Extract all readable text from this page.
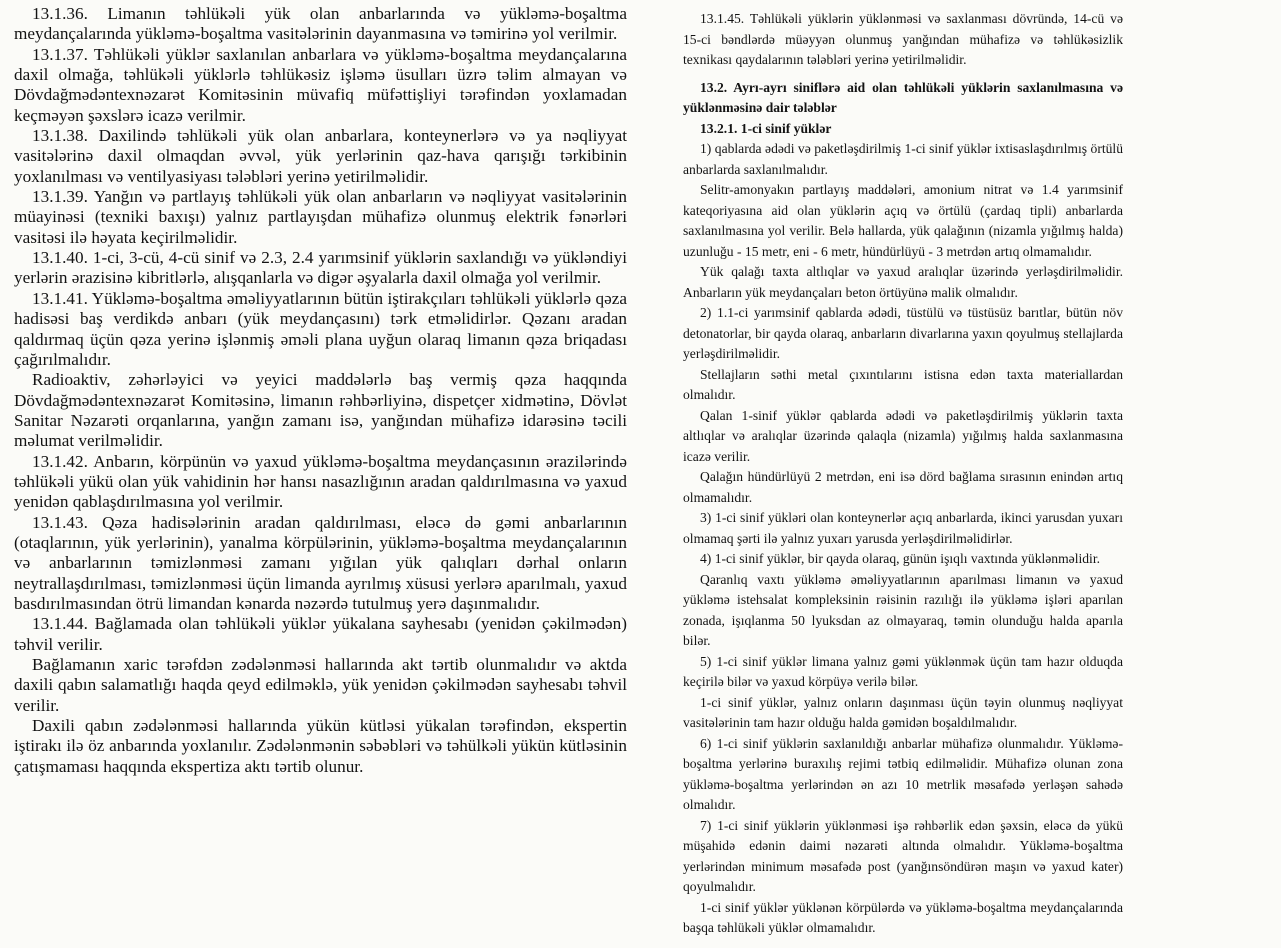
13.1.36. Limanın təhlükəli yük olan anbarlarında və yükləmə-boşaltma meydançalarında yükləmə-boşaltma vasitələrinin dayanmasına və təmirinə yol verilmir.

13.1.37. Təhlükəli yüklər saxlanılan anbarlara və yükləmə-boşaltma meydançalarına daxil olmağa, təhlükəli yüklərlə təhlükəsiz işləmə üsulları üzrə təlim almayan və Dövdağmədəntexnəzarət Komitəsinin müvafiq müfəttişliyi tərəfindən yoxlamadan keçməyən şəxslərə icazə verilmir.

13.1.38. Daxilində təhlükəli yük olan anbarlara, konteynerlərə və ya nəqliyyat vasitələrinə daxil olmaqdan əvvəl, yük yerlərinin qaz-hava qarışığı tərkibinin yoxlanılması və ventilyasiyası tələbləri yerinə yetirilməlidir.

13.1.39. Yanğın və partlayış təhlükəli yük olan anbarların və nəqliyyat vasitələrinin müayinəsi (texniki baxışı) yalnız partlayışdan mühafizə olunmuş elektrik fənərləri vasitəsi ilə həyata keçirilməlidir.

13.1.40. 1-ci, 3-cü, 4-cü sinif və 2.3, 2.4 yarımsinif yüklərin saxlandığı və yükləndiyi yerlərin ərazisinə kibritlərlə, alışqanlarla və digər əşyalarla daxil olmağa yol verilmir.

13.1.41. Yükləmə-boşaltma əməliyyatlarının bütün iştirakçıları təhlükəli yüklərlə qəza hadisəsi baş verdikdə anbarı (yük meydançasını) tərk etməlidirlər. Qəzanı aradan qaldırmaq üçün qəza yerinə işlənmiş əməli plana uyğun olaraq limanın qəza briqadası çağırılmalıdır.

Radioaktiv, zəhərləyici və yeyici maddələrlə baş vermiş qəza haqqında Dövdağmədəntexnəzarət Komitəsinə, limanın rəhbərliyinə, dispetçer xidmətinə, Dövlət Sanitar Nəzarəti orqanlarına, yanğın zamanı isə, yanğından mühafizə idarəsinə təcili məlumat verilməlidir.

13.1.42. Anbarın, körpünün və yaxud yükləmə-boşaltma meydançasının ərazilərində təhlükəli yükü olan yük vahidinin hər hansı nasazlığının aradan qaldırılmasına və yaxud yenidən qablaşdırılmasına yol verilmir.

13.1.43. Qəza hadisələrinin aradan qaldırılması, eləcə də gəmi anbarlarının (otaqlarının, yük yerlərinin), yanalma körpülərinin, yükləmə-boşaltma meydançalarının və anbarlarının təmizlənməsi zamanı yığılan yük qalıqları dərhal onların neytrallaşdırılması, təmizlənməsi üçün limanda ayrılmış xüsusi yerlərə aparılmalı, yaxud basdırılmasından ötrü limandan kənarda nəzərdə tutulmuş yerə daşınmalıdır.

13.1.44. Bağlamada olan təhlükəli yüklər yükalana sayhesabı (yenidən çəkilmədən) təhvil verilir.

Bağlamanın xaric tərəfdən zədələnməsi hallarında akt tərtib olunmalıdır və aktda daxili qabın salamatlığı haqda qeyd edilməklə, yük yenidən çəkilmədən sayhesabı təhvil verilir.

Daxili qabın zədələnməsi hallarında yükün kütləsi yükalan tərəfindən, ekspertin iştirakı ilə öz anbarında yoxlanılır. Zədələnmənin səbəbləri və təhülkəli yükün kütləsinin çatışmaması haqqında ekspertiza aktı tərtib olunur.

13.1.45. Təhlükəli yüklərin yüklənməsi və saxlanması dövründə, 14-cü və 15-ci bəndlərdə müəyyən olunmuş yanğından mühafizə və təhlükəsizlik texnikası qaydalarının tələbləri yerinə yetirilməlidir.

13.2. Ayrı-ayrı siniflərə aid olan təhlükəli yüklərin saxlanılmasına və yüklənməsinə dair tələblər

13.2.1. 1-ci sinif yüklər

1) qablarda ədədi və paketləşdirilmiş 1-ci sinif yüklər ixtisaslaşdırılmış örtülü anbarlarda saxlanılmalıdır.

Selitr-amonyakın partlayış maddələri, amonium nitrat və 1.4 yarımsinif kateqoriyasına aid olan yüklərin açıq və örtülü (çardaq tipli) anbarlarda saxlanılmasına yol verilir. Belə hallarda, yük qalağının (nizamla yığılmış halda) uzunluğu - 15 metr, eni - 6 metr, hündürlüyü - 3 metrdən artıq olmamalıdır.

Yük qalağı taxta altlıqlar və yaxud aralıqlar üzərində yerləşdirilməlidir. Anbarların yük meydançaları beton örtüyünə malik olmalıdır.

2) 1.1-ci yarımsinif qablarda ədədi, tüstülü və tüstüsüz barıtlar, bütün növ detonatorlar, bir qayda olaraq, anbarların divarlarına yaxın qoyulmuş stellajlarda yerləşdirilməlidir.

Stellajların səthi metal çıxıntılarını istisna edən taxta materiallardan olmalıdır.

Qalan 1-sinif yüklər qablarda ədədi və paketləşdirilmiş yüklərin taxta altlıqlar və aralıqlar üzərində qalaqla (nizamla) yığılmış halda saxlanmasına icazə verilir.

Qalağın hündürlüyü 2 metrdən, eni isə dörd bağlama sırasının enindən artıq olmamalıdır.

3) 1-ci sinif yükləri olan konteynerlər açıq anbarlarda, ikinci yarusdan yuxarı olmamaq şərti ilə yalnız yuxarı yarusda yerləşdirilməlidirlər.

4) 1-ci sinif yüklər, bir qayda olaraq, günün işıqlı vaxtında yüklənməlidir.

Qaranlıq vaxtı yükləmə əməliyyatlarının aparılması limanın və yaxud yükləmə istehsalat kompleksinin rəisinin razılığı ilə yükləmə işləri aparılan zonada, işıqlanma 50 lyuksdan az olmayaraq, təmin olunduğu halda aparıla bilər.

5) 1-ci sinif yüklər limana yalnız gəmi yüklənmək üçün tam hazır olduqda keçirilə bilər və yaxud körpüyə verilə bilər.

1-ci sinif yüklər, yalnız onların daşınması üçün təyin olunmuş nəqliyyat vasitələrinin tam hazır olduğu halda gəmidən boşaldılmalıdır.

6) 1-ci sinif yüklərin saxlanıldığı anbarlar mühafizə olunmalıdır. Yükləmə-boşaltma yerlərinə buraxılış rejimi tətbiq edilməlidir. Mühafizə olunan zona yükləmə-boşaltma yerlərindən ən azı 10 metrlik məsafədə yerləşən sahədə olmalıdır.

7) 1-ci sinif yüklərin yüklənməsi işə rəhbərlik edən şəxsin, eləcə də yükü müşahidə edənin daimi nəzarəti altında olmalıdır. Yükləmə-boşaltma yerlərindən minimum məsafədə post (yanğınsöndürən maşın və yaxud kater) qoyulmalıdır.

1-ci sinif yüklər yüklənən körpülərdə və yükləmə-boşaltma meydançalarında başqa təhlükəli yüklər olmamalıdır.
